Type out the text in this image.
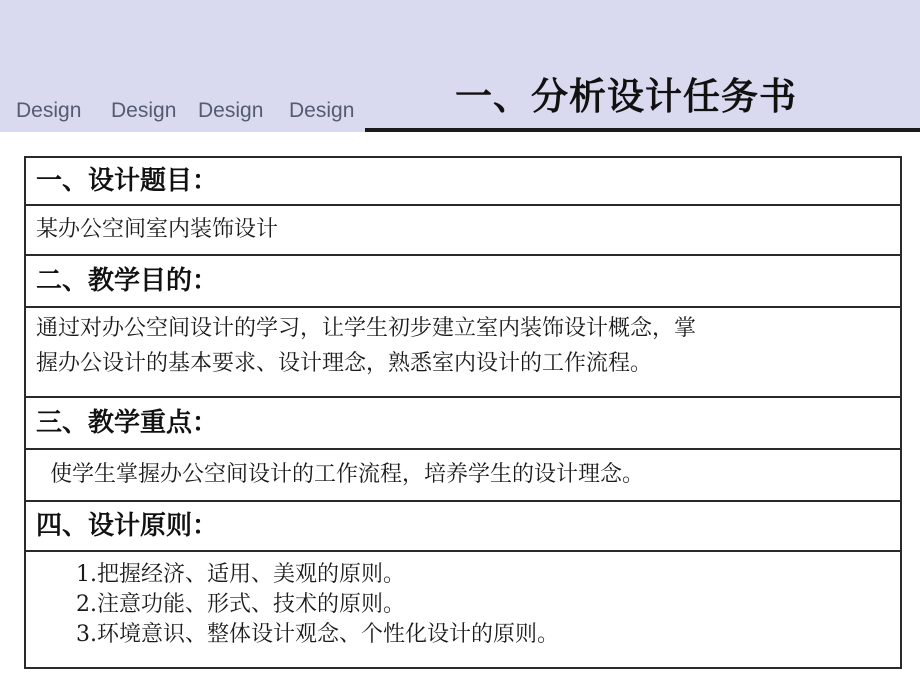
Design Design Design Design	一、分析设计任务书
一、设计题目：
某办公空间室内装饰设计
二、教学目的：
通过对办公空间设计的学习，让学生初步建立室内装饰设计概念，掌
握办公设计的基本要求、设计理念，熟悉室内设计的工作流程。
三、教学重点：
使学生掌握办公空间设计的工作流程，培养学生的设计理念。
四、设计原则：
1.把握经济、适用、美观的原则。
2.注意功能、形式、技术的原则。
3.环境意识、整体设计观念、个性化设计的原则。
